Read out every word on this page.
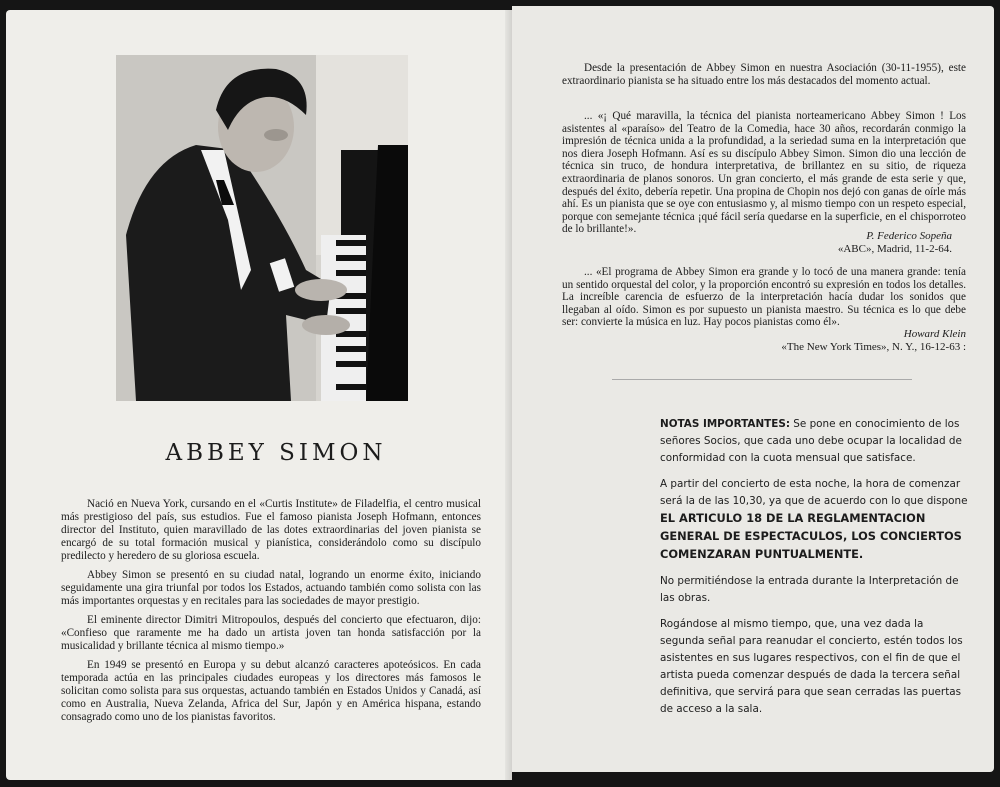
ABBEY SIMON

Nació en Nueva York, cursando en el «Curtis Institute» de Filadelfia, el centro musical más prestigioso del país, sus estudios. Fue el famoso pianista Joseph Hofmann, entonces director del Instituto, quien maravillado de las dotes extraordinarias del joven pianista se encargó de su total formación musical y pianística, considerándolo como su discípulo predilecto y heredero de su gloriosa escuela.

Abbey Simon se presentó en su ciudad natal, logrando un enorme éxito, iniciando seguidamente una gira triunfal por todos los Estados, actuando también como solista con las más importantes orquestas y en recitales para las sociedades de mayor prestigio.

El eminente director Dimitri Mitropoulos, después del concierto que efectuaron, dijo: «Confieso que raramente me ha dado un artista joven tan honda satisfacción por la musicalidad y brillante técnica al mismo tiempo.»

En 1949 se presentó en Europa y su debut alcanzó caracteres apoteósicos. En cada temporada actúa en las principales ciudades europeas y los directores más famosos le solicitan como solista para sus orquestas, actuando también en Estados Unidos y Canadá, así como en Australia, Nueva Zelanda, Africa del Sur, Japón y en América hispana, estando consagrado como uno de los pianistas favoritos.

Desde la presentación de Abbey Simon en nuestra Asociación (30-11-1955), este extraordinario pianista se ha situado entre los más destacados del momento actual.

... «¡ Qué maravilla, la técnica del pianista norteamericano Abbey Simon ! Los asistentes al «paraíso» del Teatro de la Comedia, hace 30 años, recordarán conmigo la impresión de técnica unida a la profundidad, a la seriedad suma en la interpretación que nos diera Joseph Hofmann. Así es su discípulo Abbey Simon. Simon dio una lección de técnica sin truco, de hondura interpretativa, de brillantez en su sitio, de riqueza extraordinaria de planos sonoros. Un gran concierto, el más grande de esta serie y que, después del éxito, debería repetir. Una propina de Chopin nos dejó con ganas de oírle más ahí. Es un pianista que se oye con entusiasmo y, al mismo tiempo con un respeto especial, porque con semejante técnica ¡qué fácil sería quedarse en la superficie, en el chisporroteo de lo brillante!».

P. Federico Sopeña
«ABC», Madrid, 11-2-64.

... «El programa de Abbey Simon era grande y lo tocó de una manera grande: tenía un sentido orquestal del color, y la proporción encontró su expresión en todos los detalles. La increíble carencia de esfuerzo de la interpretación hacía dudar los sonidos que llegaban al oído. Simon es por supuesto un pianista maestro. Su técnica es lo que debe ser: convierte la música en luz. Hay pocos pianistas como él».

Howard Klein
«The New York Times», N. Y., 16-12-63 :

NOTAS IMPORTANTES: Se pone en conocimiento de los señores Socios, que cada uno debe ocupar la localidad de conformidad con la cuota mensual que satisface.

A partir del concierto de esta noche, la hora de comenzar será la de las 10,30, ya que de acuerdo con lo que dispone EL ARTICULO 18 DE LA REGLAMENTACION GENERAL DE ESPECTACULOS, LOS CONCIERTOS COMENZARAN PUNTUALMENTE.

No permitiéndose la entrada durante la Interpretación de las obras.

Rogándose al mismo tiempo, que, una vez dada la segunda señal para reanudar el concierto, estén todos los asistentes en sus lugares respectivos, con el fin de que el artista pueda comenzar después de dada la tercera señal definitiva, que servirá para que sean cerradas las puertas de acceso a la sala.
